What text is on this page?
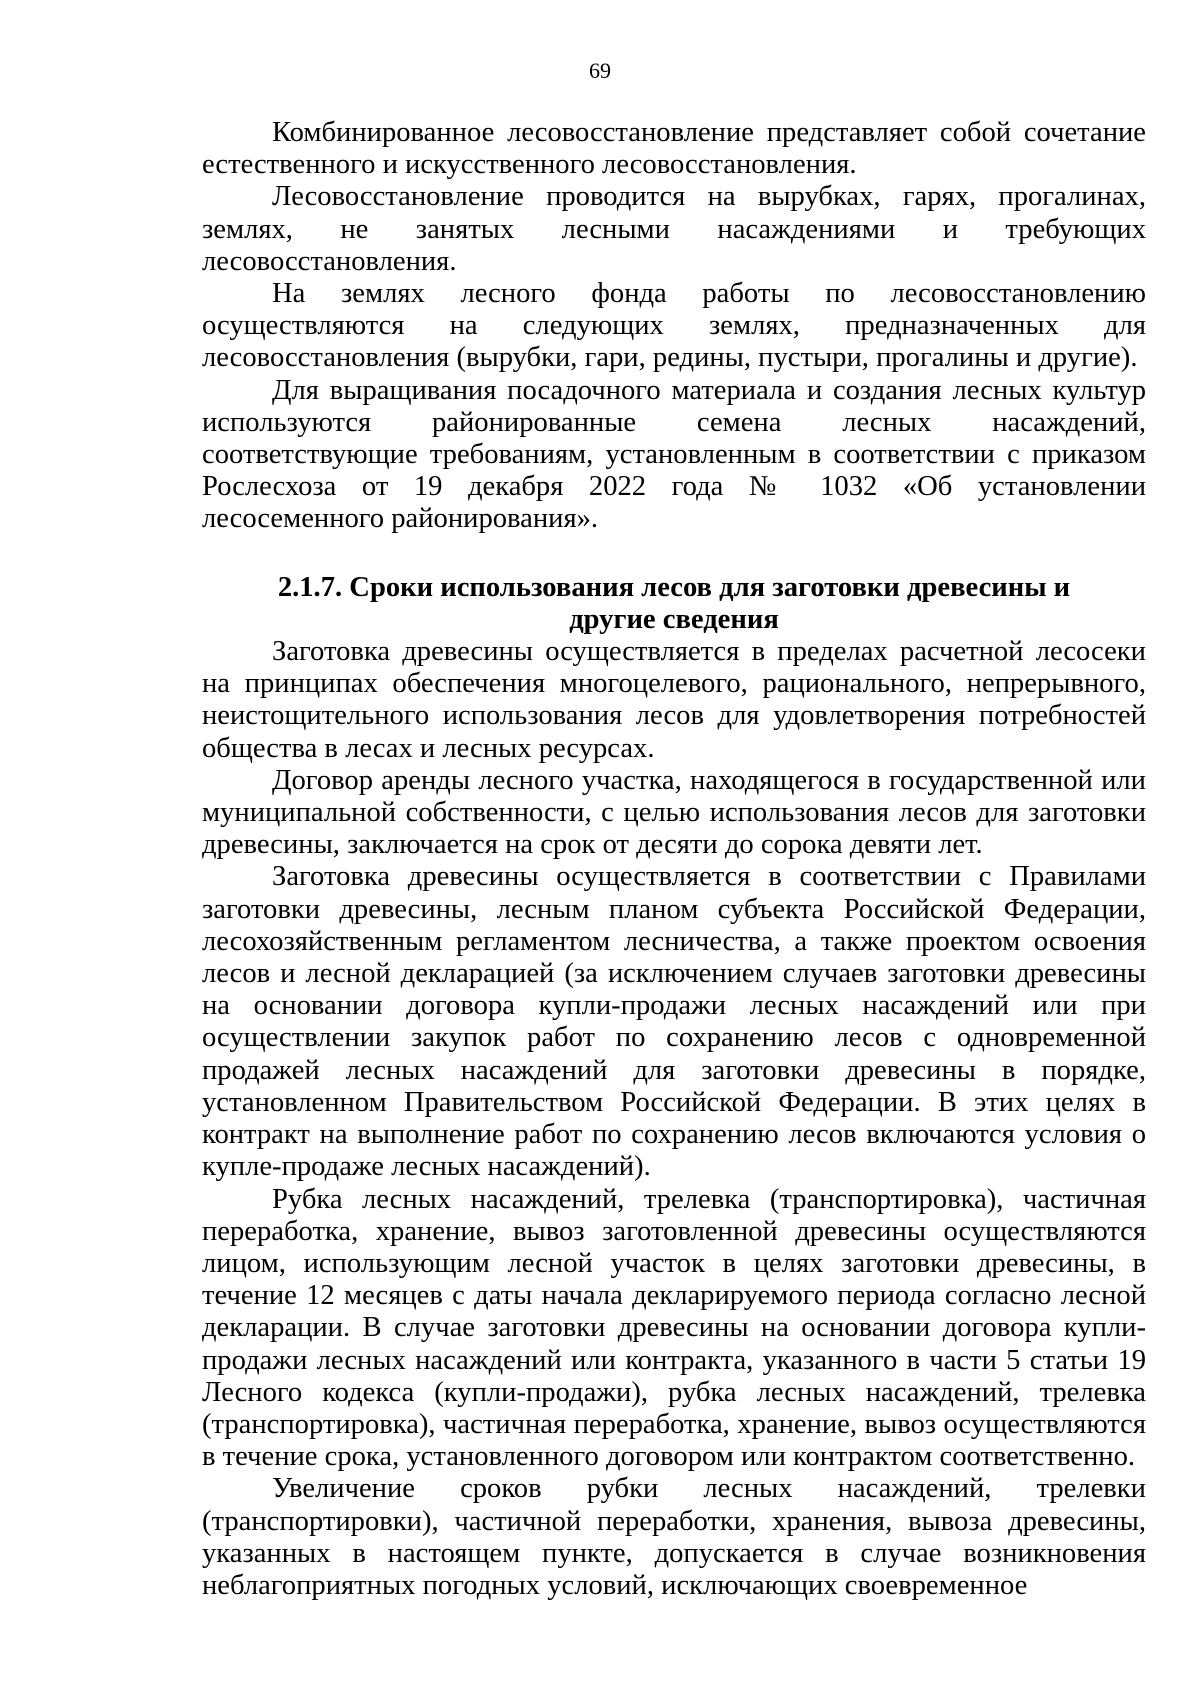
69

Комбинированное лесовосстановление представляет собой сочетание естественного и искусственного лесовосстановления.

Лесовосстановление проводится на вырубках, гарях, прогалинах, землях, не занятых лесными насаждениями и требующих лесовосстановления.

На землях лесного фонда работы по лесовосстановлению осуществляются на следующих землях, предназначенных для лесовосстановления (вырубки, гари, редины, пустыри, прогалины и другие).

Для выращивания посадочного материала и создания лесных культур используются районированные семена лесных насаждений, соответствующие требованиям, установленным в соответствии с приказом Рослесхоза от 19 декабря 2022 года № 1032 «Об установлении лесосеменного районирования».

2.1.7. Сроки использования лесов для заготовки древесины и другие сведения

Заготовка древесины осуществляется в пределах расчетной лесосеки на принципах обеспечения многоцелевого, рационального, непрерывного, неистощительного использования лесов для удовлетворения потребностей общества в лесах и лесных ресурсах.

Договор аренды лесного участка, находящегося в государственной или муниципальной собственности, с целью использования лесов для заготовки древесины, заключается на срок от десяти до сорока девяти лет.

Заготовка древесины осуществляется в соответствии с Правилами заготовки древесины, лесным планом субъекта Российской Федерации, лесохозяйственным регламентом лесничества, а также проектом освоения лесов и лесной декларацией (за исключением случаев заготовки древесины на основании договора купли-продажи лесных насаждений или при осуществлении закупок работ по сохранению лесов с одновременной продажей лесных насаждений для заготовки древесины в порядке, установленном Правительством Российской Федерации. В этих целях в контракт на выполнение работ по сохранению лесов включаются условия о купле-продаже лесных насаждений).

Рубка лесных насаждений, трелевка (транспортировка), частичная переработка, хранение, вывоз заготовленной древесины осуществляются лицом, использующим лесной участок в целях заготовки древесины, в течение 12 месяцев с даты начала декларируемого периода согласно лесной декларации. В случае заготовки древесины на основании договора купли-продажи лесных насаждений или контракта, указанного в части 5 статьи 19 Лесного кодекса (купли-продажи), рубка лесных насаждений, трелевка (транспортировка), частичная переработка, хранение, вывоз осуществляются в течение срока, установленного договором или контрактом соответственно.

Увеличение сроков рубки лесных насаждений, трелевки (транспортировки), частичной переработки, хранения, вывоза древесины, указанных в настоящем пункте, допускается в случае возникновения неблагоприятных погодных условий, исключающих своевременное
